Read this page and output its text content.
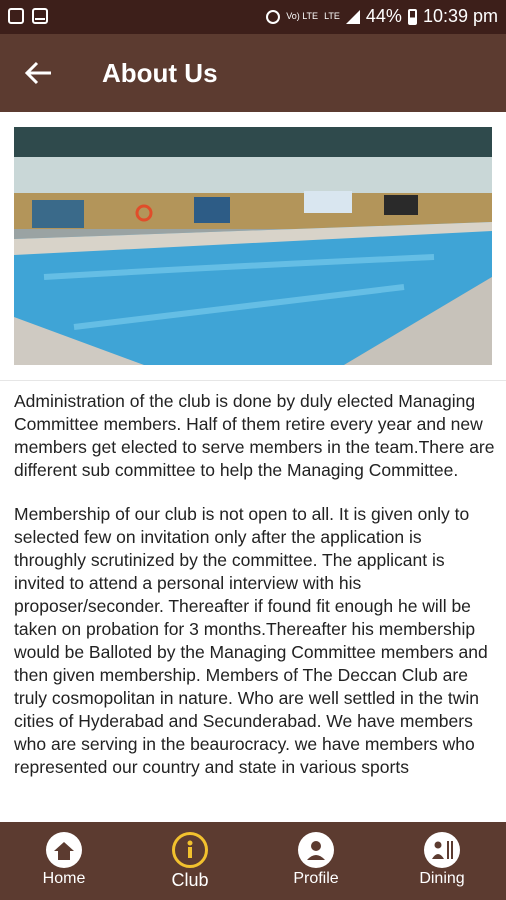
Vo) LTE LTE 44% 10:39 pm
About Us

Administration of the club is done by duly elected Managing Committee members. Half of them retire every year and new members get elected to serve members in the team.There are different sub committee to help the Managing Committee.

Membership of our club is not open to all. It is given only to selected few on invitation only after the application is throughly scrutinized by the committee. The applicant is invited to attend a personal interview with his proposer/seconder. Thereafter if found fit enough he will be taken on probation for 3 months.Thereafter his membership would be Balloted by the Managing Committee members and then given membership. Members of The Deccan Club are truly cosmopolitan in nature. Who are well settled in the twin cities of Hyderabad and Secunderabad. We have members who are serving in the beaurocracy. we have members who represented our country and state in various sports

Home	Club	Profile	Dining
